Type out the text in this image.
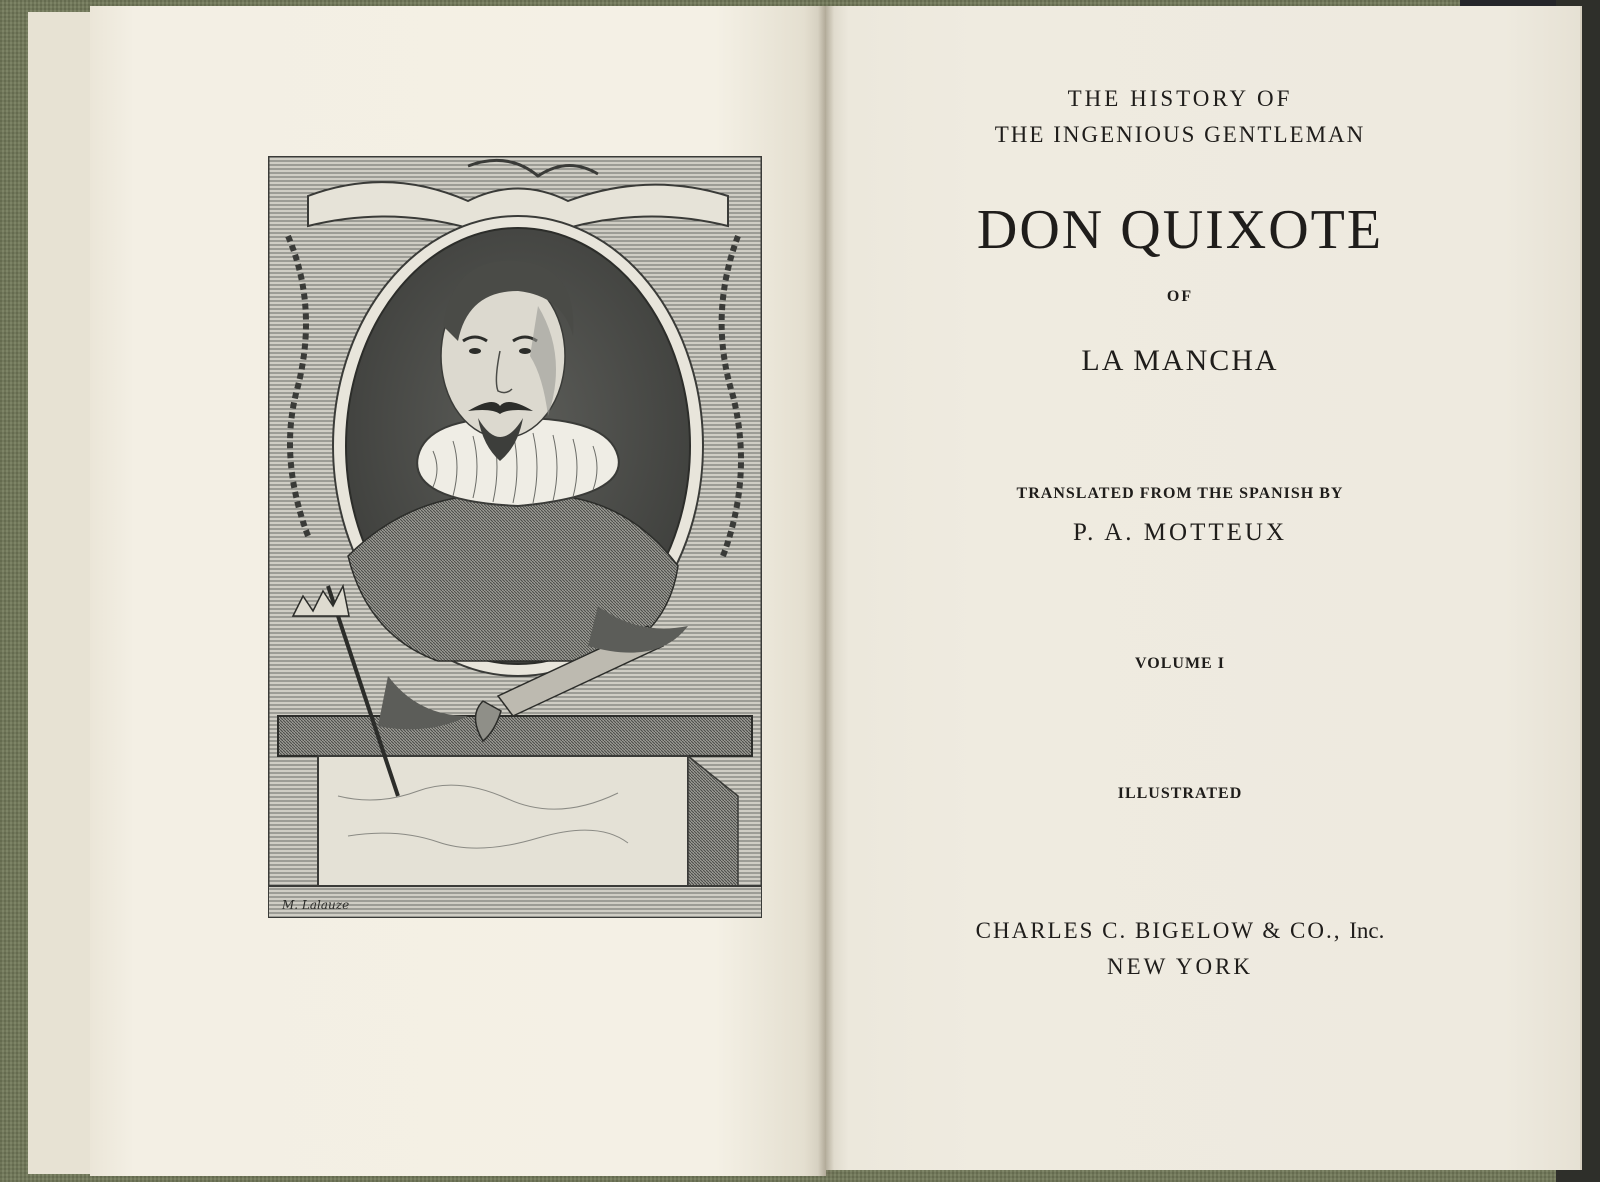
M. Lalauze
THE HISTORY OF
THE INGENIOUS GENTLEMAN
DON QUIXOTE
OF
LA MANCHA
TRANSLATED FROM THE SPANISH BY
P. A. MOTTEUX
VOLUME I
ILLUSTRATED
CHARLES C. BIGELOW & CO., Inc.
NEW YORK
